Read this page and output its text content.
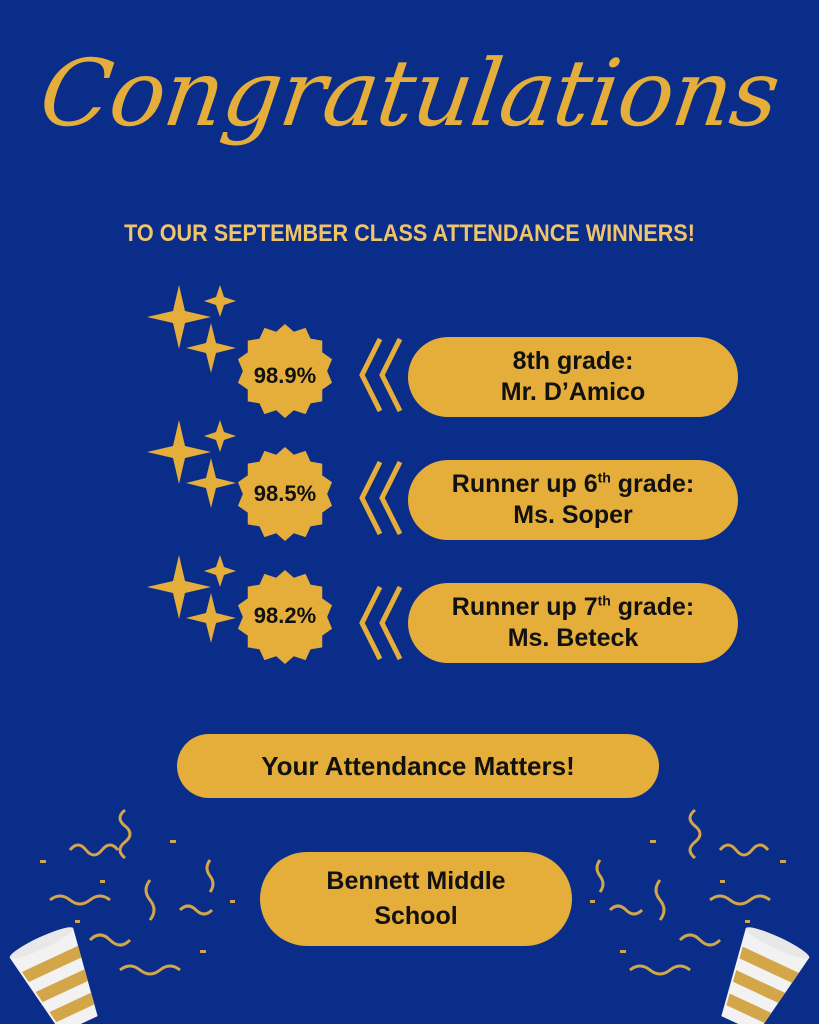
Congratulations
TO OUR SEPTEMBER CLASS ATTENDANCE WINNERS!
98.9%
8th grade:
Mr. D’Amico
98.5%	Runner up 6th grade:
Ms. Soper
98.2%	Runner up 7th grade:
Ms. Beteck
Your Attendance Matters!
Bennett Middle
School
